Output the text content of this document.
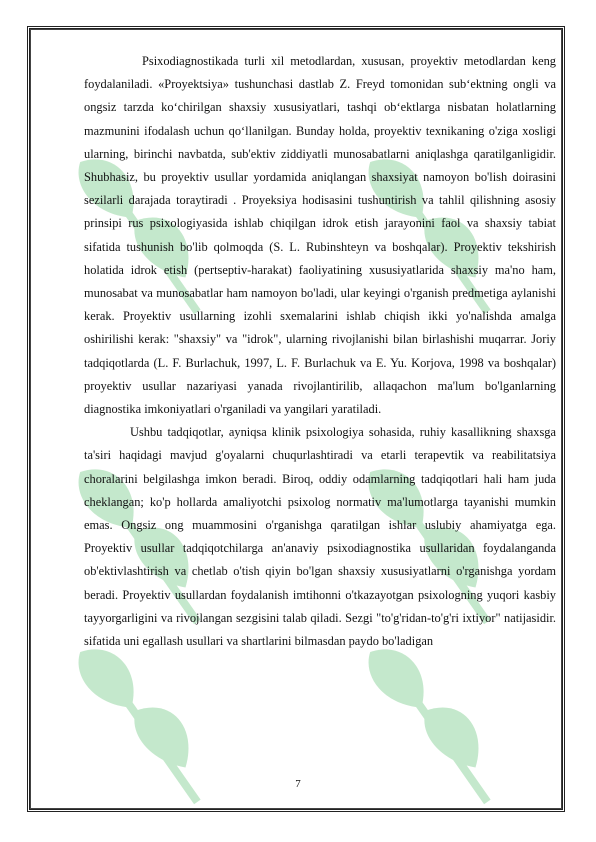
Psixodiagnostikada turli xil metodlardan, xususan, proyektiv metodlardan keng foydalaniladi. «Proyektsiya» tushunchasi dastlab Z. Freyd tomonidan sub‘ektning ongli va ongsiz tarzda ko‘chirilgan shaxsiy xususiyatlari, tashqi ob‘ektlarga nisbatan holatlarning mazmunini ifodalash uchun qo‘llanilgan. Bunday holda, proyektiv texnikaning o'ziga xosligi ularning, birinchi navbatda, sub'ektiv ziddiyatli munosabatlarni aniqlashga qaratilganligidir. Shubhasiz, bu proyektiv usullar yordamida aniqlangan shaxsiyat namoyon bo'lish doirasini sezilarli darajada toraytiradi . Proyeksiya hodisasini tushuntirish va tahlil qilishning asosiy prinsipi rus psixologiyasida ishlab chiqilgan idrok etish jarayonini faol va shaxsiy tabiat sifatida tushunish bo'lib qolmoqda (S. L. Rubinshteyn va boshqalar). Proyektiv tekshirish holatida idrok etish (pertseptiv-harakat) faoliyatining xususiyatlarida shaxsiy ma'no ham, munosabat va munosabatlar ham namoyon bo'ladi, ular keyingi o'rganish predmetiga aylanishi kerak. Proyektiv usullarning izohli sxemalarini ishlab chiqish ikki yo'nalishda amalga oshirilishi kerak: "shaxsiy" va "idrok", ularning rivojlanishi bilan birlashishi muqarrar. Joriy tadqiqotlarda (L. F. Burlachuk, 1997, L. F. Burlachuk va E. Yu. Korjova, 1998 va boshqalar) proyektiv usullar nazariyasi yanada rivojlantirilib, allaqachon ma'lum bo'lganlarning diagnostika imkoniyatlari o'rganiladi va yangilari yaratiladi.

Ushbu tadqiqotlar, ayniqsa klinik psixologiya sohasida, ruhiy kasallikning shaxsga ta'siri haqidagi mavjud g'oyalarni chuqurlashtiradi va etarli terapevtik va reabilitatsiya choralarini belgilashga imkon beradi. Biroq, oddiy odamlarning tadqiqotlari hali ham juda cheklangan; ko'p hollarda amaliyotchi psixolog normativ ma'lumotlarga tayanishi mumkin emas. Ongsiz ong muammosini o'rganishga qaratilgan ishlar uslubiy ahamiyatga ega. Proyektiv usullar tadqiqotchilarga an'anaviy psixodiagnostika usullaridan foydalanganda ob'ektivlashtirish va chetlab o'tish qiyin bo'lgan shaxsiy xususiyatlarni o'rganishga yordam beradi. Proyektiv usullardan foydalanish imtihonni o'tkazayotgan psixologning yuqori kasbiy tayyorgarligini va rivojlangan sezgisini talab qiladi. Sezgi "to'g'ridan-to'g'ri ixtiyor" natijasidir. sifatida uni egallash usullari va shartlarini bilmasdan paydo bo'ladigan

7
